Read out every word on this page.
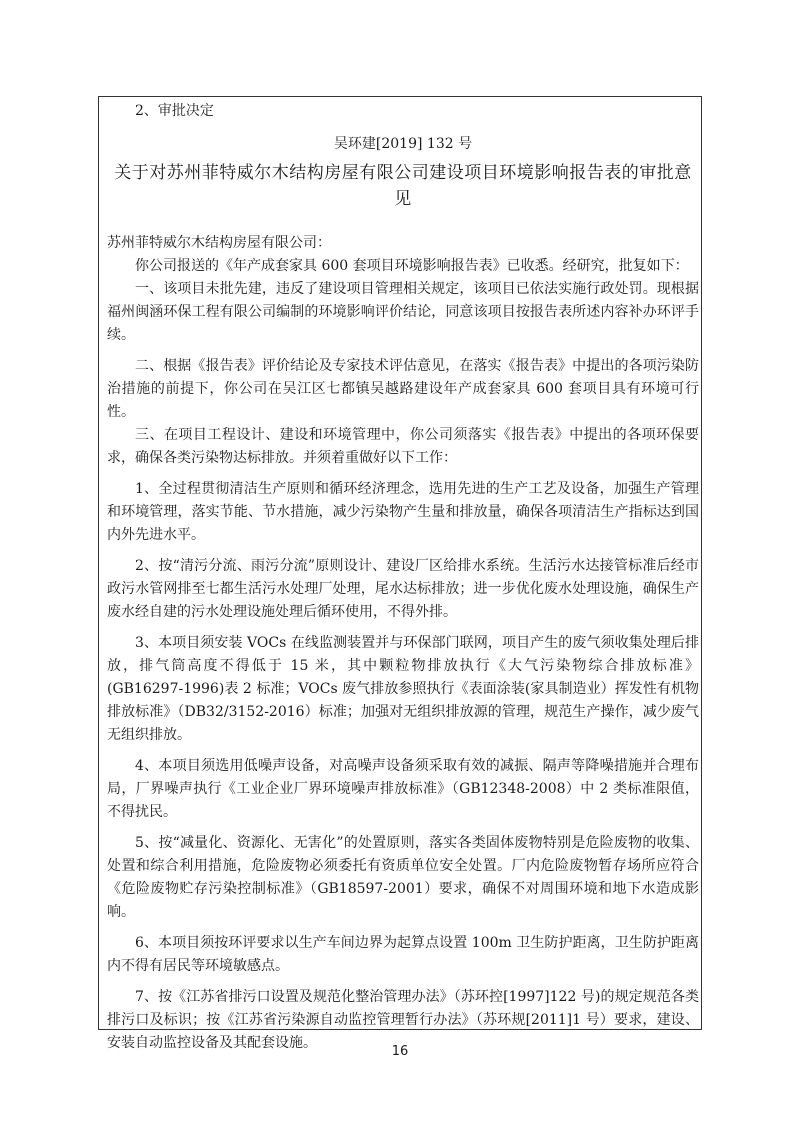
2、审批决定

吴环建[2019] 132 号

关于对苏州菲特威尔木结构房屋有限公司建设项目环境影响报告表的审批意见

苏州菲特威尔木结构房屋有限公司：

你公司报送的《年产成套家具 600 套项目环境影响报告表》已收悉。经研究，批复如下：

一、该项目未批先建，违反了建设项目管理相关规定，该项目已依法实施行政处罚。现根据福州闽涵环保工程有限公司编制的环境影响评价结论，同意该项目按报告表所述内容补办环评手续。

二、根据《报告表》评价结论及专家技术评估意见，在落实《报告表》中提出的各项污染防治措施的前提下，你公司在吴江区七都镇吴越路建设年产成套家具 600 套项目具有环境可行性。

三、在项目工程设计、建设和环境管理中，你公司须落实《报告表》中提出的各项环保要求，确保各类污染物达标排放。并须着重做好以下工作：

1、全过程贯彻清洁生产原则和循环经济理念，选用先进的生产工艺及设备，加强生产管理和环境管理，落实节能、节水措施，减少污染物产生量和排放量，确保各项清洁生产指标达到国内外先进水平。

2、按“清污分流、雨污分流”原则设计、建设厂区给排水系统。生活污水达接管标准后经市政污水管网排至七都生活污水处理厂处理，尾水达标排放；进一步优化废水处理设施，确保生产废水经自建的污水处理设施处理后循环使用，不得外排。

3、本项目须安装 VOCs 在线监测装置并与环保部门联网，项目产生的废气须收集处理后排放，排气筒高度不得低于 15 米，其中颗粒物排放执行《大气污染物综合排放标准》(GB16297-1996)表 2 标准；VOCs 废气排放参照执行《表面涂装(家具制造业）挥发性有机物排放标准》（DB32/3152-2016）标准；加强对无组织排放源的管理，规范生产操作，减少废气无组织排放。

4、本项目须选用低噪声设备，对高噪声设备须采取有效的减振、隔声等降噪措施并合理布局，厂界噪声执行《工业企业厂界环境噪声排放标准》（GB12348-2008）中 2 类标准限值，不得扰民。

5、按“减量化、资源化、无害化”的处置原则，落实各类固体废物特别是危险废物的收集、处置和综合利用措施，危险废物必须委托有资质单位安全处置。厂内危险废物暂存场所应符合《危险废物贮存污染控制标准》（GB18597-2001）要求，确保不对周围环境和地下水造成影响。

6、本项目须按环评要求以生产车间边界为起算点设置 100m 卫生防护距离，卫生防护距离内不得有居民等环境敏感点。

7、按《江苏省排污口设置及规范化整治管理办法》（苏环控[1997]122 号)的规定规范各类排污口及标识；按《江苏省污染源自动监控管理暂行办法》（苏环规[2011]1 号）要求，建设、安装自动监控设备及其配套设施。

16
